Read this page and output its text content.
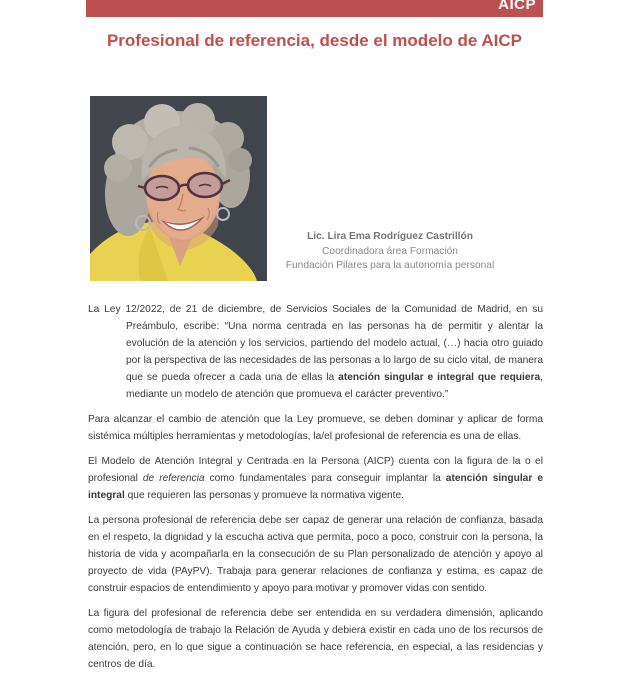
AICP
Profesional de referencia, desde el modelo de AICP
Lic. Lira Ema Rodríguez Castrillón
Coordinadora área Formación
Fundación Pilares para la autonomía personal

La Ley 12/2022, de 21 de diciembre, de Servicios Sociales de la Comunidad de Madrid, en su Preámbulo, escribe: “Una norma centrada en las personas ha de permitir y alentar la evolución de la atención y los servicios, partiendo del modelo actual, (…) hacia otro guiado por la perspectiva de las necesidades de las personas a lo largo de su ciclo vital, de manera que se pueda ofrecer a cada una de ellas la atención singular e integral que requiera, mediante un modelo de atención que promueva el carácter preventivo.”

Para alcanzar el cambio de atención que la Ley promueve, se deben dominar y aplicar de forma sistémica múltiples herramientas y metodologías, la/el profesional de referencia es una de ellas.

El Modelo de Atención Integral y Centrada en la Persona (AICP) cuenta con la figura de la o el profesional de referencia como fundamentales para conseguir implantar la atención singular e integral que requieren las personas y promueve la normativa vigente.

La persona profesional de referencia debe ser capaz de generar una relación de confianza, basada en el respeto, la dignidad y la escucha activa que permita, poco a poco, construir con la persona, la historia de vida y acompañarla en la consecución de su Plan personalizado de atención y apoyo al proyecto de vida (PAyPV). Trabaja para generar relaciones de confianza y estima, es capaz de construir espacios de entendimiento y apoyo para motivar y promover vidas con sentido.

La figura del profesional de referencia debe ser entendida en su verdadera dimensión, aplicando como metodología de trabajo la Relación de Ayuda y debiera existir en cada uno de los recursos de atención, pero, en lo que sigue a continuación se hace referencia, en especial, a las residencias y centros de día.
